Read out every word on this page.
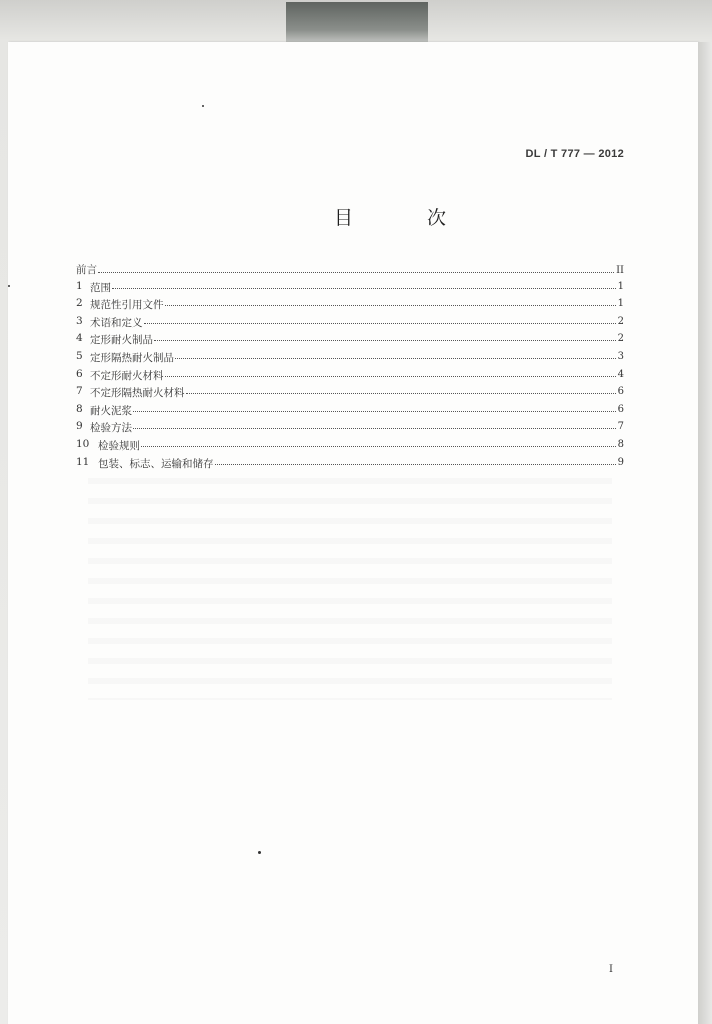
DL / T 777 — 2012
目 次
前言	II
1 范围	1
2 规范性引用文件	1
3 术语和定义	2
4 定形耐火制品	2
5 定形隔热耐火制品	3
6 不定形耐火材料	4
7 不定形隔热耐火材料	6
8 耐火泥浆	6
9 检验方法	7
10 检验规则	8
11 包装、标志、运输和储存	9
I
